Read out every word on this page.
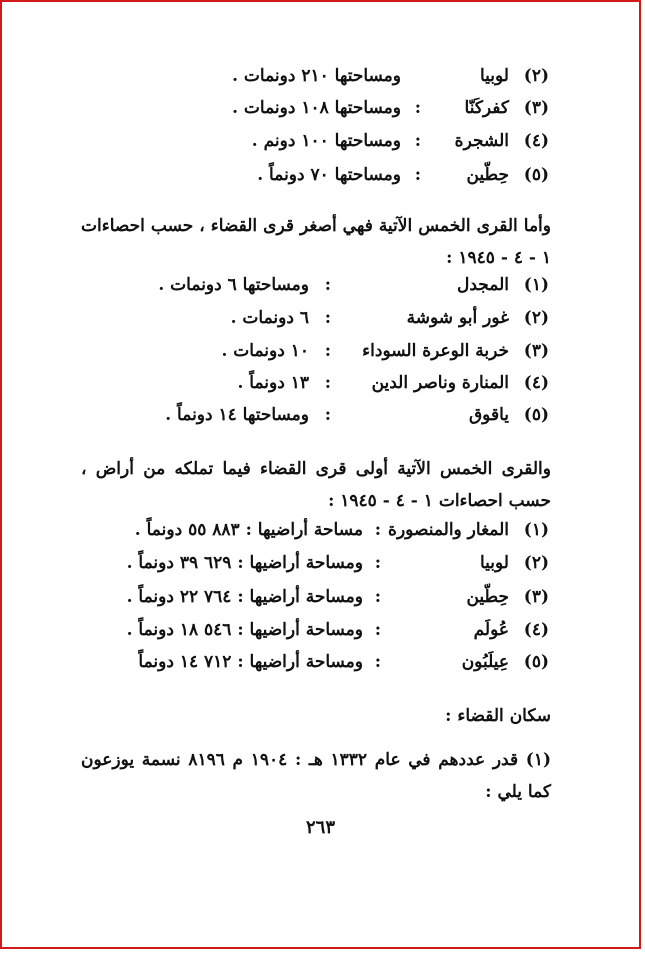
(٢)
لوبيا
ومساحتها ٢١٠ دونمات .
(٣)
كفركَنّا
:
ومساحتها ١٠٨ دونمات .
(٤)
الشجرة
:
ومساحتها ١٠٠ دونم .
(٥)
حِطّين
:
ومساحتها ٧٠ دونماً .
وأما القرى الخمس الآتية فهي أصغر قرى القضاء ، حسب احصاءات ١ - ٤ - ١٩٤٥ :
(١)
المجدل
:
ومساحتها ٦ دونمات .
(٢)
غور أبو شوشة
:
٦ دونمات .
(٣)
خربة الوعرة السوداء
:
١٠ دونمات .
(٤)
المنارة وناصر الدين
:
١٣ دونماً .
(٥)
ياقوق
:
ومساحتها ١٤ دونماً .
والقرى الخمس الآتية أولى قرى القضاء فيما تملكه من أراض ، حسب احصاءات ١ - ٤ - ١٩٤٥ :
(١)
المغار والمنصورة
:
مساحة أراضيها : ٨٨٣ ٥٥ دونماً .
(٢)
لوبيا
:
ومساحة أراضيها : ٦٢٩ ٣٩ دونماً .
(٣)
حِطّين
:
ومساحة أراضيها : ٧٦٤ ٢٢ دونماً .
(٤)
عُولَم
:
ومساحة أراضيها : ٥٤٦ ١٨ دونماً .
(٥)
عِيلَبُون
:
ومساحة أراضيها : ٧١٢ ١٤ دونماً
سكان القضاء :
(١) قدر عددهم في عام ١٣٣٢ هـ : ١٩٠٤ م ٨١٩٦ نسمة يوزعون كما يلي :
٢٦٣
